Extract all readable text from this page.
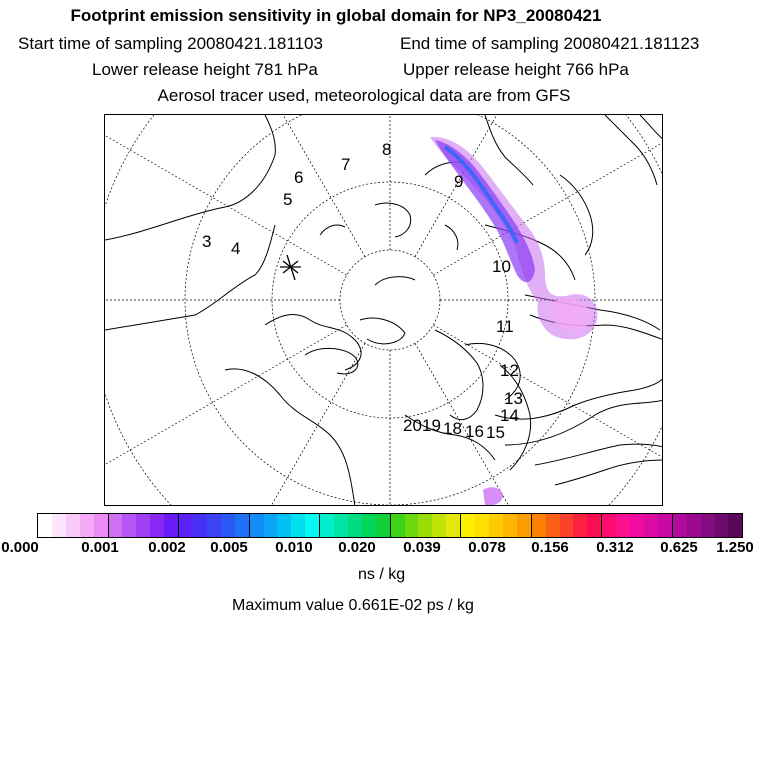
Footprint emission sensitivity in global domain for NP3_20080421
Start time of sampling 20080421.181103	End time of sampling 20080421.181123
Lower release height 781 hPa	Upper release height 766 hPa
Aerosol tracer used, meteorological data are from GFS
3 4
5
6
7
8
9
10
11
12
13
14
15
16
18
19
20
0.000	0.001 0.002 0.005 0.010 0.020 0.039 0.078 0.156 0.312 0.625 1.250
ns / kg
Maximum value 0.661E-02 ps / kg
